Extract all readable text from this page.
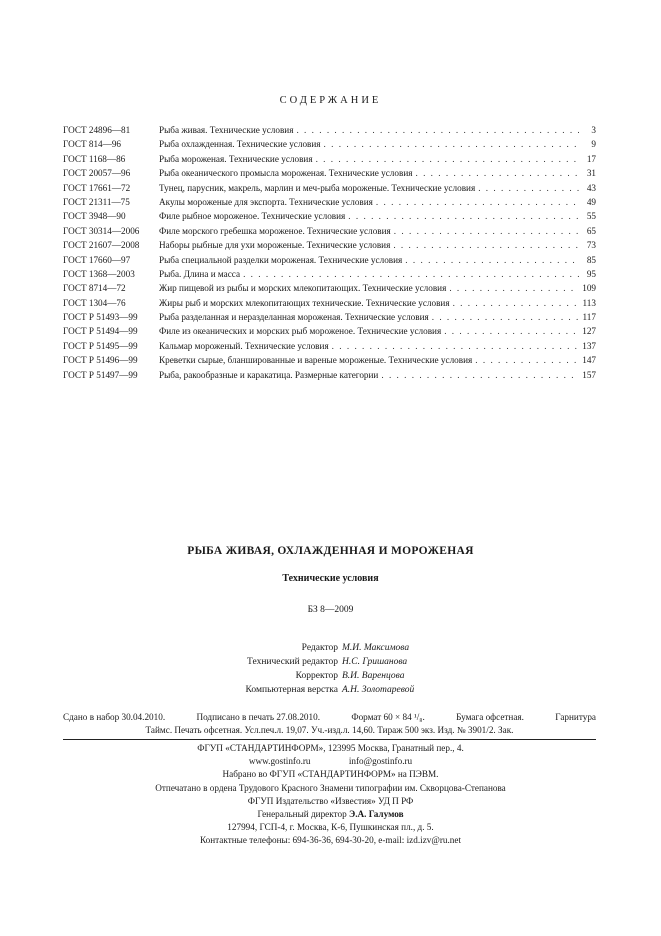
СОДЕРЖАНИЕ
ГОСТ 24896—81	Рыба живая. Технические условия . . .	3
ГОСТ 814—96	Рыба охлажденная. Технические условия . . .	9
ГОСТ 1168—86	Рыба мороженая. Технические условия . . .	17
ГОСТ 20057—96	Рыба океанического промысла мороженая. Технические условия . . .	31
ГОСТ 17661—72	Тунец, парусник, макрель, марлин и меч-рыба мороженые. Технические условия . . .	43
ГОСТ 21311—75	Акулы мороженые для экспорта. Технические условия . . .	49
ГОСТ 3948—90	Филе рыбное мороженое. Технические условия . . .	55
ГОСТ 30314—2006	Филе морского гребешка мороженое. Технические условия . . .	65
ГОСТ 21607—2008	Наборы рыбные для ухи мороженые. Технические условия . . .	73
ГОСТ 17660—97	Рыба специальной разделки мороженая. Технические условия . . .	85
ГОСТ 1368—2003	Рыба. Длина и масса . . .	95
ГОСТ 8714—72	Жир пищевой из рыбы и морских млекопитающих. Технические условия . . .	109
ГОСТ 1304—76	Жиры рыб и морских млекопитающих технические. Технические условия . . .	113
ГОСТ Р 51493—99	Рыба разделанная и неразделанная мороженая. Технические условия . . .	117
ГОСТ Р 51494—99	Филе из океанических и морских рыб мороженое. Технические условия . . .	127
ГОСТ Р 51495—99	Кальмар мороженый. Технические условия . . .	137
ГОСТ Р 51496—99	Креветки сырые, бланшированные и вареные мороженые. Технические условия . . .	147
ГОСТ Р 51497—99	Рыба, ракообразные и каракатица. Размерные категории . . .	157
РЫБА ЖИВАЯ, ОХЛАЖДЕННАЯ И МОРОЖЕНАЯ
Технические условия
БЗ 8—2009
Редактор М.И. Максимова
Технический редактор Н.С. Гришанова
Корректор В.И. Варенцова
Компьютерная верстка А.Н. Золотаревой
Сдано в набор 30.04.2010.	Подписано в печать 27.08.2010.	Формат 60 × 84 ¹/₈.	Бумага офсетная.	Гарнитура
Таймс. Печать офсетная. Усл.печ.л. 19,07. Уч.-изд.л. 14,60. Тираж 500 экз. Изд. № 3901/2. Зак.
ФГУП «СТАНДАРТИНФОРМ», 123995 Москва, Гранатный пер., 4.
www.gostinfo.ru	info@gostinfo.ru
Набрано во ФГУП «СТАНДАРТИНФОРМ» на ПЭВМ.
Отпечатано в ордена Трудового Красного Знамени типографии им. Скворцова-Степанова
ФГУП Издательство «Известия» УД П РФ
Генеральный директор Э.А. Галумов
127994, ГСП-4, г. Москва, К-6, Пушкинская пл., д. 5.
Контактные телефоны: 694-36-36, 694-30-20, e-mail: izd.izv@ru.net
